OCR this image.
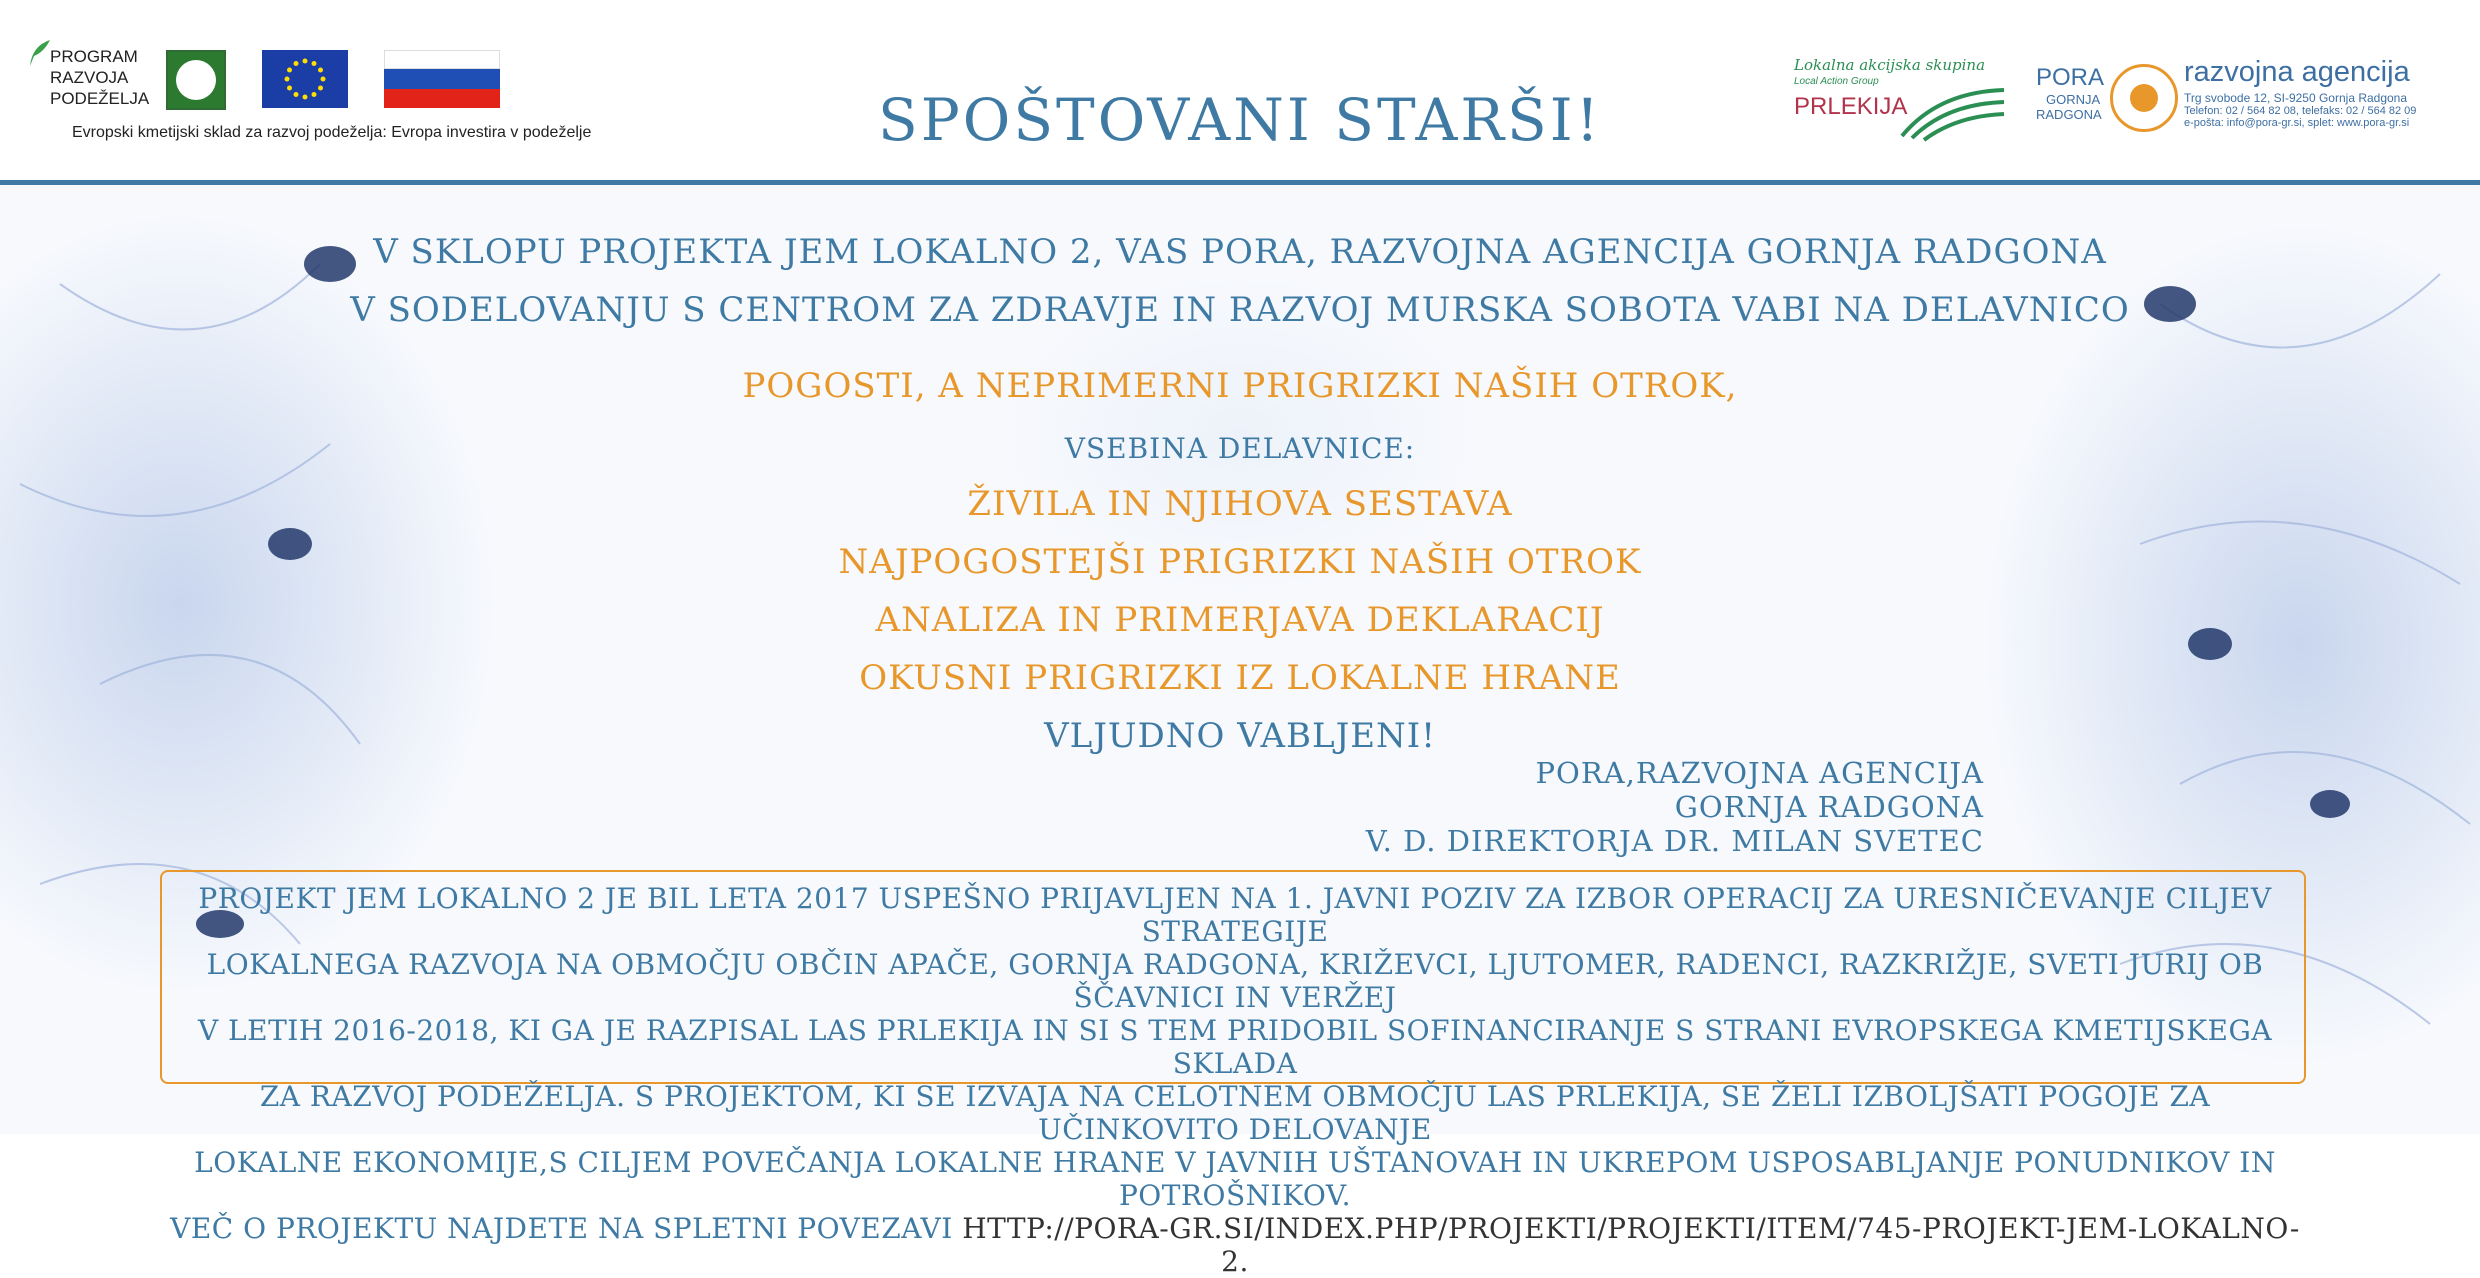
PROGRAM
RAZVOJA
PODEŽELJA
Evropski kmetijski sklad za razvoj podeželja: Evropa investira v podeželje
Lokalna akcijska skupina
Local Action Group
PRLEKIJA
PORA
GORNJA
RADGONA
razvojna agencija
Trg svobode 12, SI-9250 Gornja Radgona
Telefon: 02 / 564 82 08, telefaks: 02 / 564 82 09
e-pošta: info@pora-gr.si, splet: www.pora-gr.si
SPOŠTOVANI STARŠI!
V SKLOPU PROJEKTA JEM LOKALNO 2, VAS PORA, RAZVOJNA AGENCIJA GORNJA RADGONA
V SODELOVANJU S CENTROM ZA ZDRAVJE IN RAZVOJ MURSKA SOBOTA VABI NA DELAVNICO
POGOSTI, A NEPRIMERNI PRIGRIZKI NAŠIH OTROK,
VSEBINA DELAVNICE:
ŽIVILA IN NJIHOVA SESTAVA
NAJPOGOSTEJŠI PRIGRIZKI NAŠIH OTROK
ANALIZA IN PRIMERJAVA DEKLARACIJ
OKUSNI PRIGRIZKI IZ LOKALNE HRANE
VLJUDNO VABLJENI!
PORA,RAZVOJNA AGENCIJA
GORNJA RADGONA
V. D. DIREKTORJA DR. MILAN SVETEC
PROJEKT JEM LOKALNO 2 JE BIL LETA 2017 USPEŠNO PRIJAVLJEN NA 1. JAVNI POZIV ZA IZBOR OPERACIJ ZA URESNIČEVANJE CILJEV STRATEGIJE
LOKALNEGA RAZVOJA NA OBMOČJU OBČIN APAČE, GORNJA RADGONA, KRIŽEVCI, LJUTOMER, RADENCI, RAZKRIŽJE, SVETI JURIJ OB ŠČAVNICI IN VERŽEJ
V LETIH 2016-2018, KI GA JE RAZPISAL LAS PRLEKIJA IN SI S TEM PRIDOBIL SOFINANCIRANJE S STRANI EVROPSKEGA KMETIJSKEGA SKLADA
ZA RAZVOJ PODEŽELJA. S PROJEKTOM, KI SE IZVAJA NA CELOTNEM OBMOČJU LAS PRLEKIJA, SE ŽELI IZBOLJŠATI POGOJE ZA UČINKOVITO DELOVANJE
LOKALNE EKONOMIJE,S CILJEM POVEČANJA LOKALNE HRANE V JAVNIH UŠTANOVAH IN UKREPOM USPOSABLJANJE PONUDNIKOV IN POTROŠNIKOV.
VEČ O PROJEKTU NAJDETE NA SPLETNI POVEZAVI HTTP://PORA-GR.SI/INDEX.PHP/PROJEKTI/PROJEKTI/ITEM/745-PROJEKT-JEM-LOKALNO-2.
